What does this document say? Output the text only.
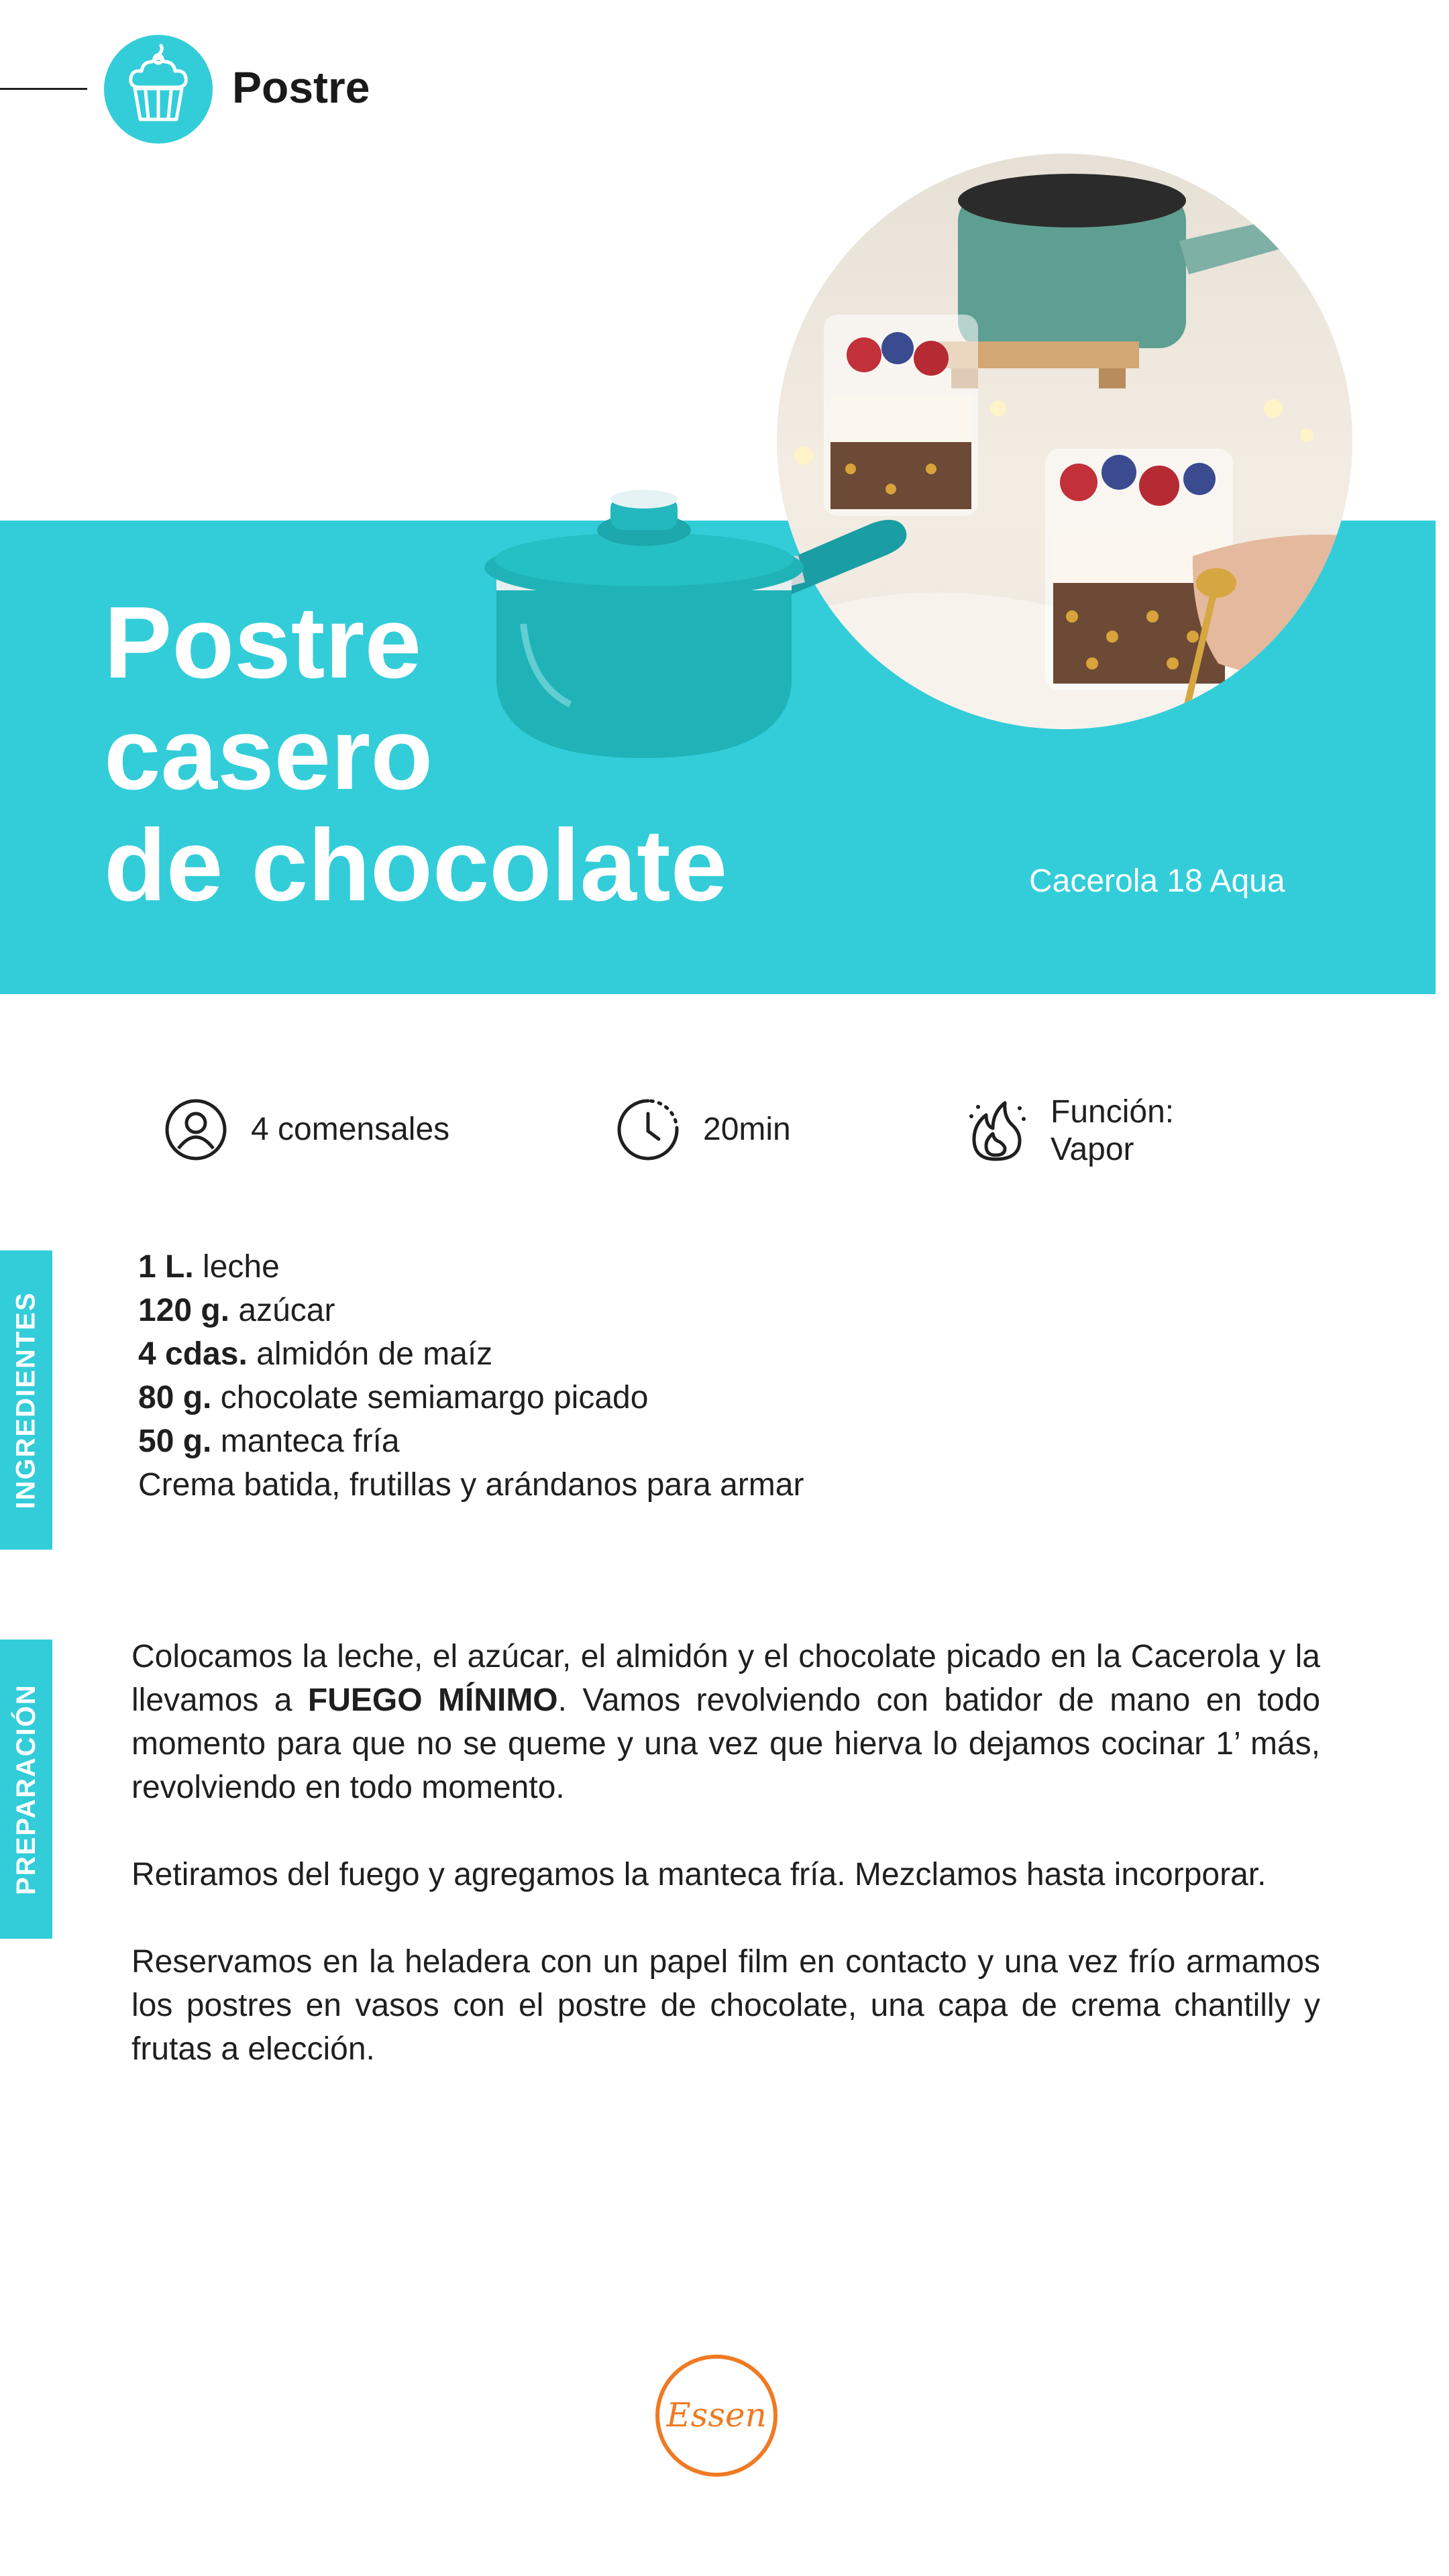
Postre
Postre
casero
de chocolate	Cacerola 18 Aqua
4 comensales	20min	Función:
Vapor
INGREDIENTES
1 L. leche
120 g. azúcar
4 cdas. almidón de maíz
80 g. chocolate semiamargo picado
50 g. manteca fría
Crema batida, frutillas y arándanos para armar
PREPARACIÓN

Colocamos la leche, el azúcar, el almidón y el chocolate picado en la Cacerola y la llevamos a FUEGO MÍNIMO. Vamos revolviendo con batidor de mano en todo momento para que no se queme y una vez que hierva lo dejamos cocinar 1’ más, revolviendo en todo momento.

Retiramos del fuego y agregamos la manteca fría. Mezclamos hasta incorporar.

Reservamos en la heladera con un papel film en contacto y una vez frío armamos los postres en vasos con el postre de chocolate, una capa de crema chantilly y frutas a elección.

Essen
